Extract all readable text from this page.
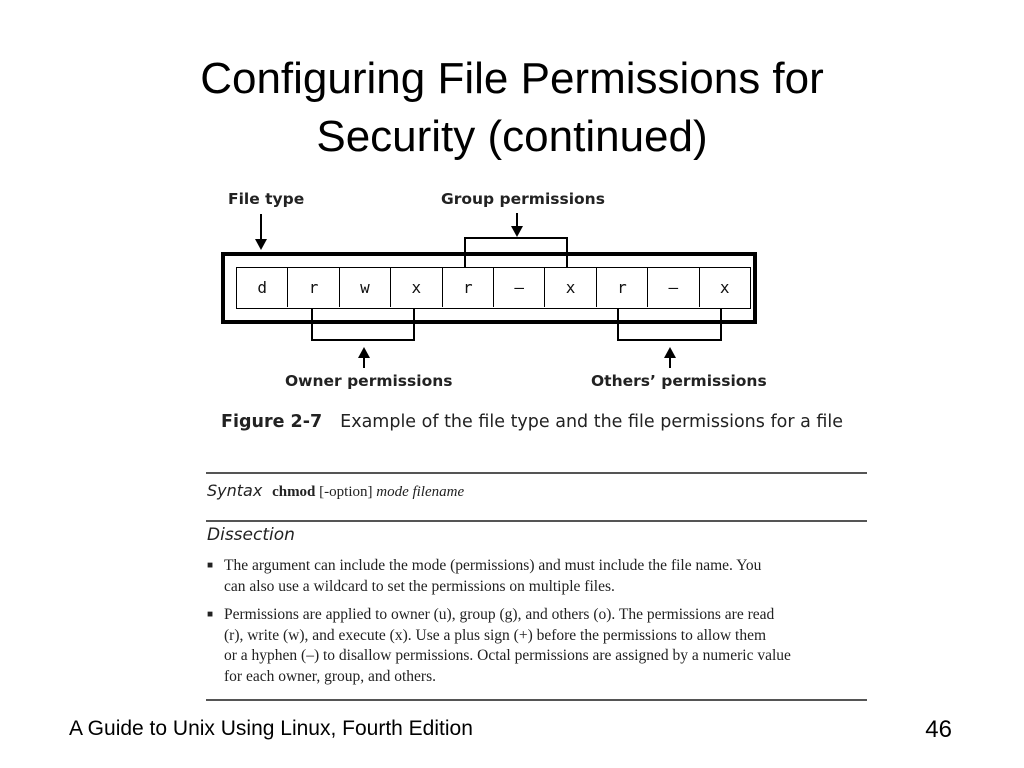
Configuring File Permissions for
Security (continued)
File type	Group permissions
Owner permissions	Others’ permissions
d	r	w	x	r	–	x	r	–	x
Figure 2-7 Example of the file type and the file permissions for a file
Syntax chmod [-option] mode filename
Dissection
■ The argument can include the mode (permissions) and must include the file name. You
can also use a wildcard to set the permissions on multiple files.
■ Permissions are applied to owner (u), group (g), and others (o). The permissions are read
(r), write (w), and execute (x). Use a plus sign (+) before the permissions to allow them
or a hyphen (–) to disallow permissions. Octal permissions are assigned by a numeric value
for each owner, group, and others.
A Guide to Unix Using Linux, Fourth Edition	46
